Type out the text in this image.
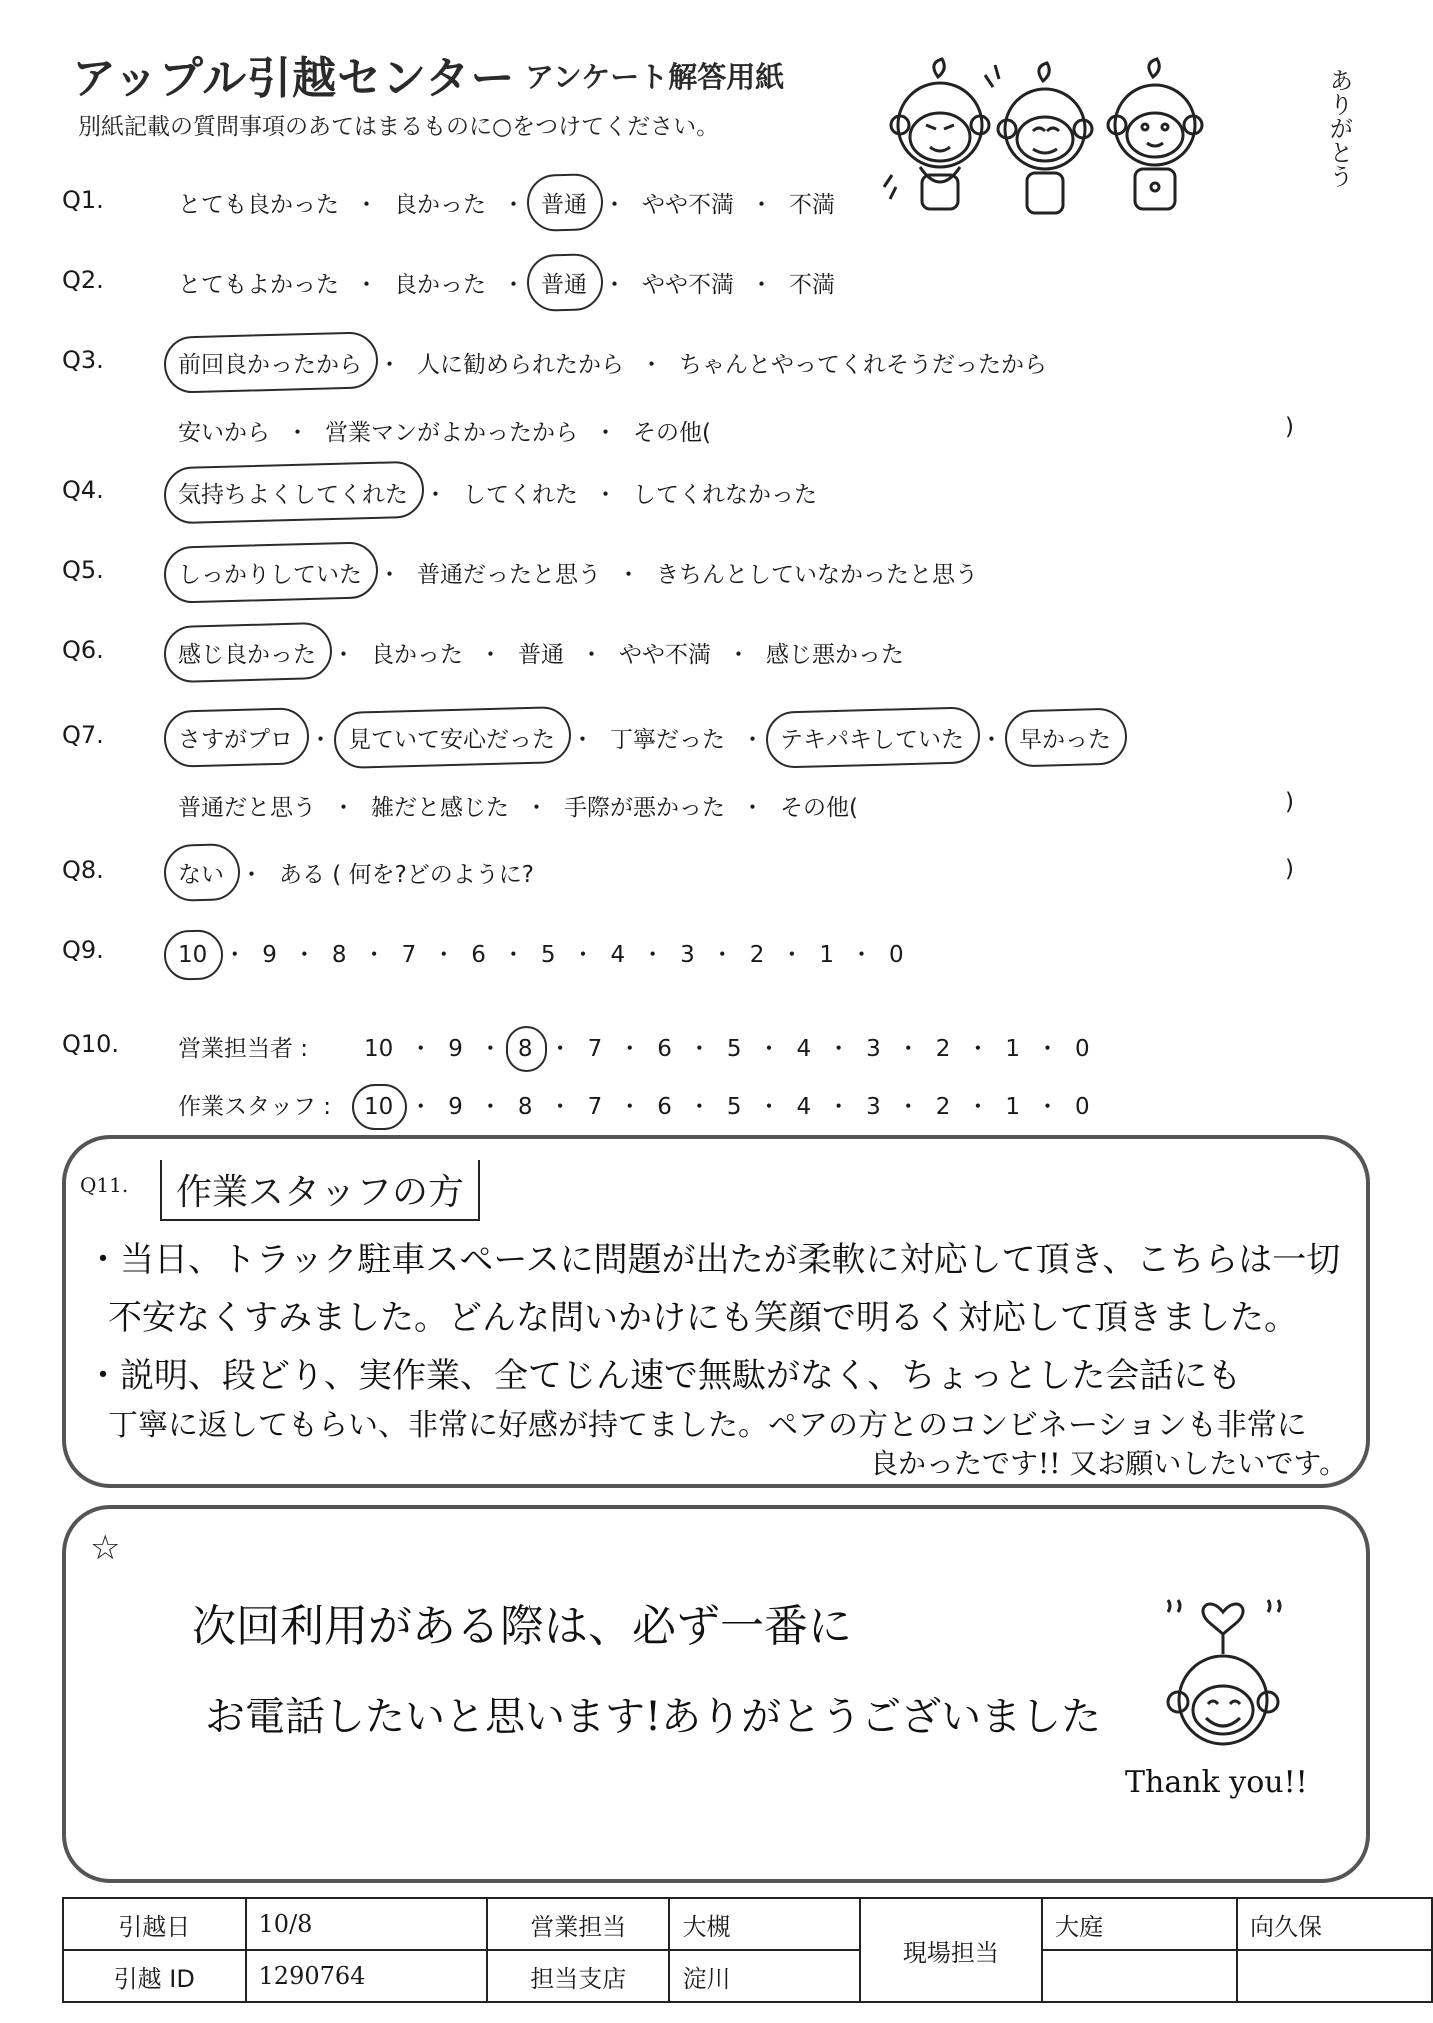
アップル引越センター アンケート解答用紙
別紙記載の質問事項のあてはまるものに○をつけてください。	ありがとう
Q1.	とても良かった ・ 良かった ・ 普通 ・ やや不満 ・ 不満
Q2.	とてもよかった ・ 良かった ・ 普通 ・ やや不満 ・ 不満
Q3.	前回良かったから ・ 人に勧められたから ・ ちゃんとやってくれそうだったから
安いから ・ 営業マンがよかったから ・ その他(	)
Q4.	気持ちよくしてくれた ・ してくれた ・ してくれなかった
Q5.	しっかりしていた ・ 普通だったと思う ・ きちんとしていなかったと思う
Q6.	感じ良かった ・ 良かった ・ 普通 ・ やや不満 ・ 感じ悪かった
Q7.	さすがプロ ・ 見ていて安心だった ・ 丁寧だった ・ テキパキしていた ・ 早かった
普通だと思う ・ 雑だと感じた ・ 手際が悪かった ・ その他(	)
Q8.	ない ・ ある ( 何を?どのように?	)
Q9.	10 ・ 9 ・ 8 ・ 7 ・ 6 ・ 5 ・ 4 ・ 3 ・ 2 ・ 1 ・ 0
Q10.	営業担当者 : 10 ・ 9 ・ 8 ・ 7 ・ 6 ・ 5 ・ 4 ・ 3 ・ 2 ・ 1 ・ 0
作業スタッフ : 10 ・ 9 ・ 8 ・ 7 ・ 6 ・ 5 ・ 4 ・ 3 ・ 2 ・ 1 ・ 0
Q11.	作業スタッフの方
・当日、トラック駐車スペースに問題が出たが柔軟に対応して頂き、こちらは一切
不安なくすみました。どんな問いかけにも笑顔で明るく対応して頂きました。
・説明、段どり、実作業、全てじん速で無駄がなく、ちょっとした会話にも
丁寧に返してもらい、非常に好感が持てました。ペアの方とのコンビネーションも非常に
良かったです!! 又お願いしたいです。
☆
次回利用がある際は、必ず一番に
お電話したいと思います!ありがとうございました
Thank you!!
引越日	10/8	営業担当	大槻	現場担当	大庭	向久保
引越 ID	1290764	担当支店	淀川			
